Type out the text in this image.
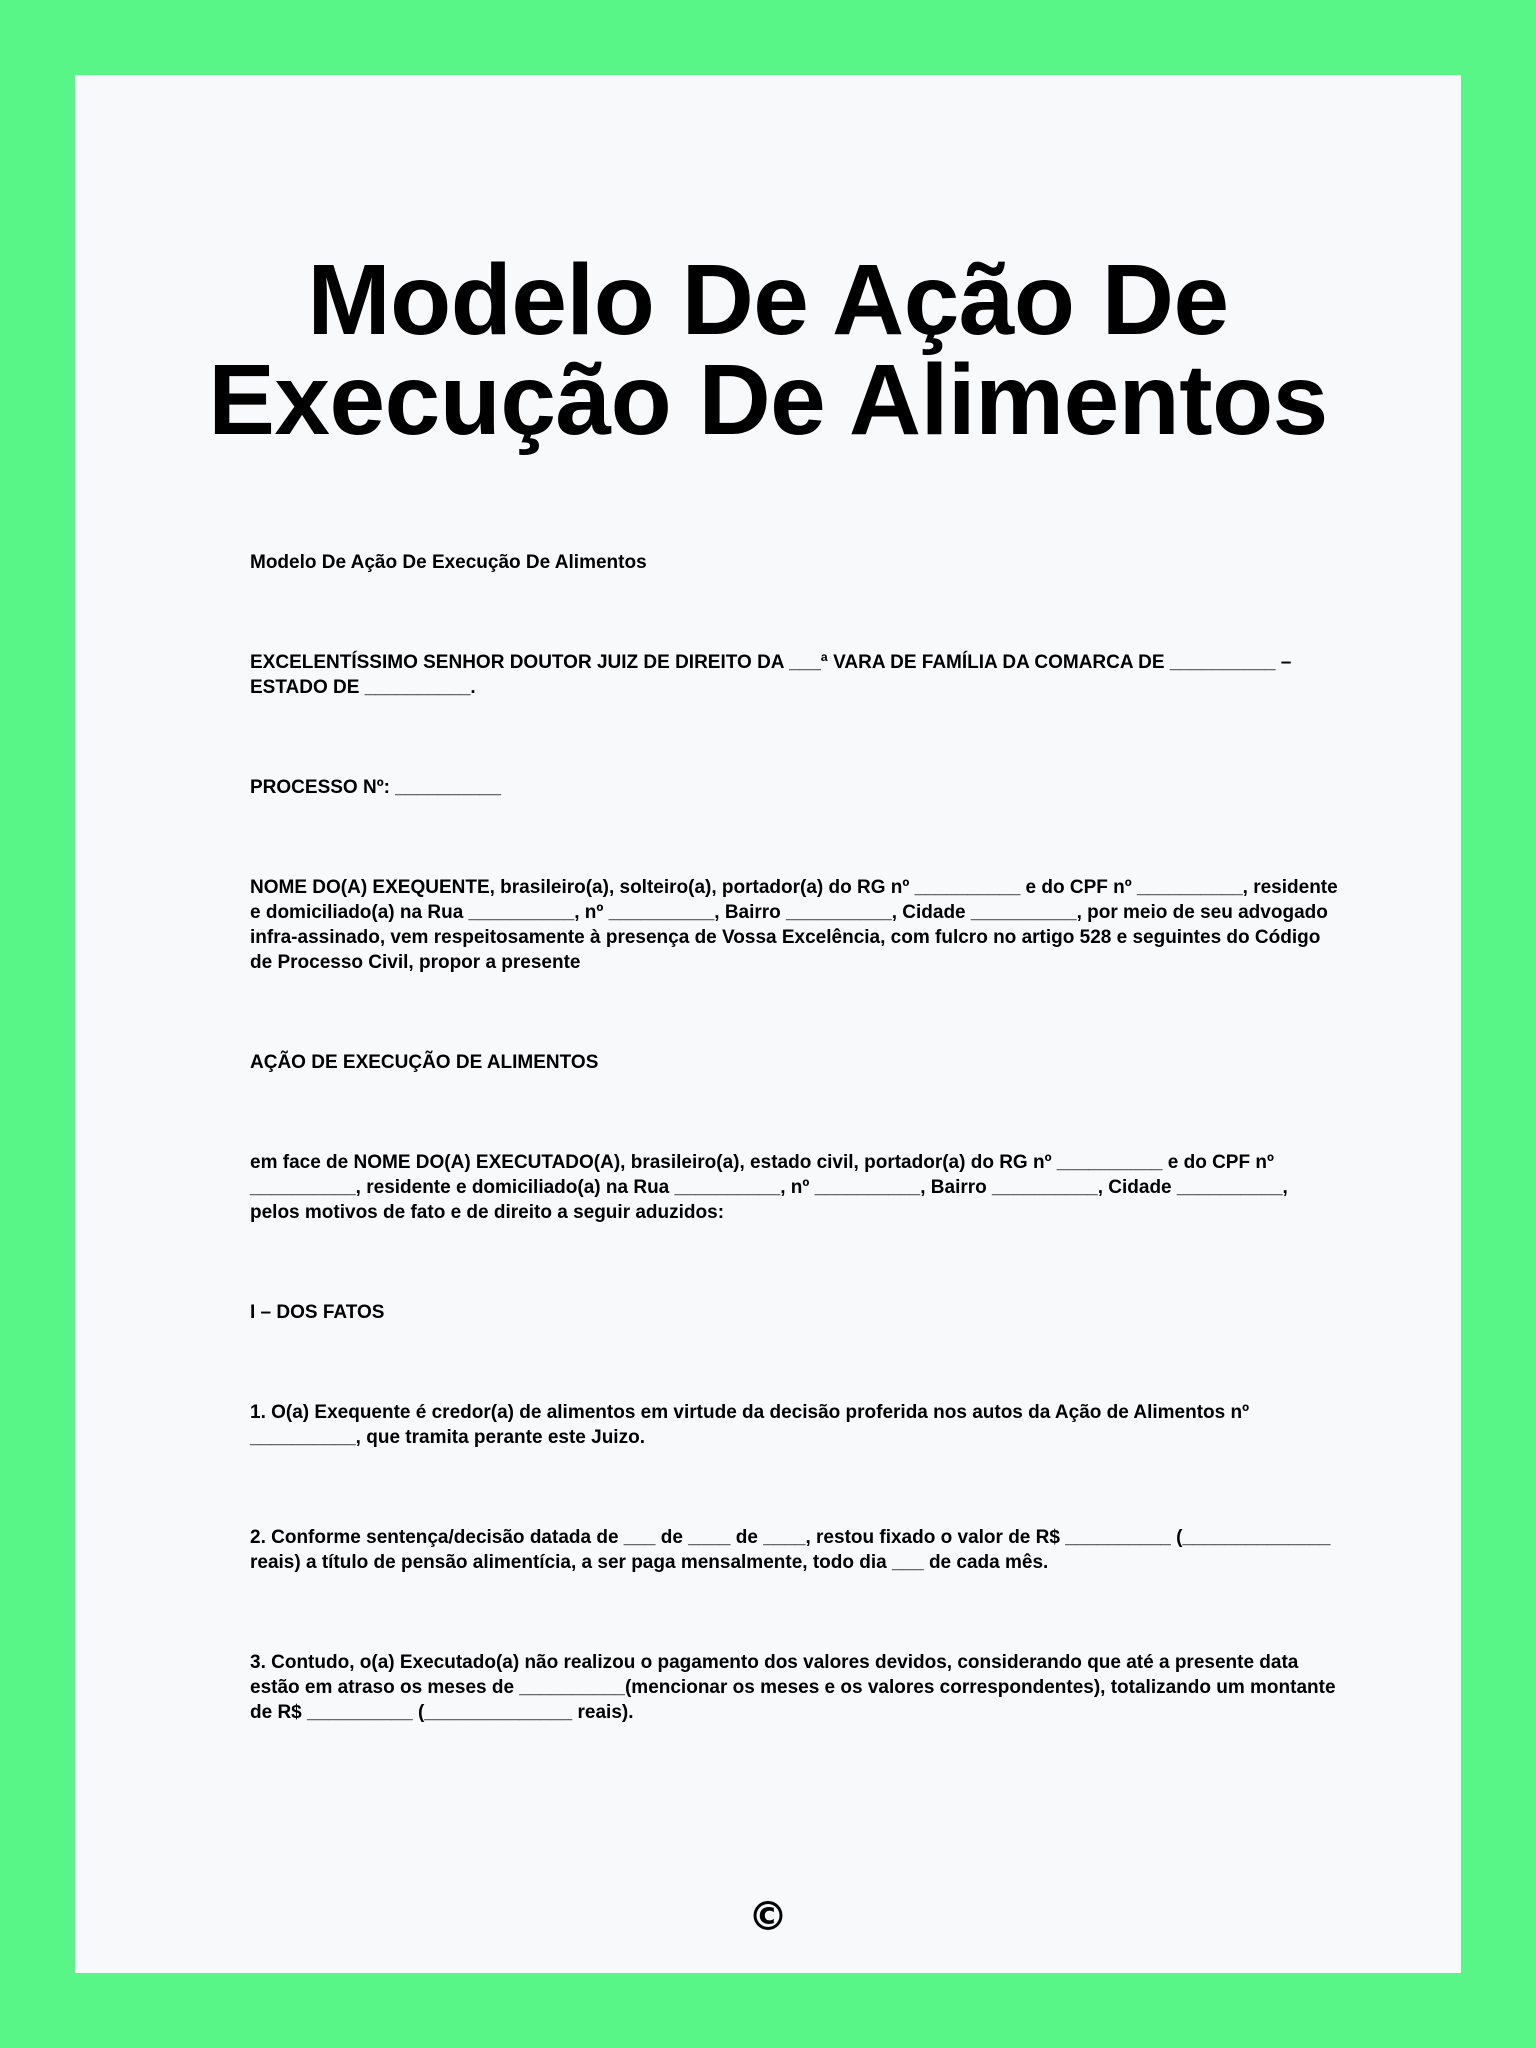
Modelo De Ação De
Execução De Alimentos

Modelo De Ação De Execução De Alimentos

EXCELENTÍSSIMO SENHOR DOUTOR JUIZ DE DIREITO DA ___ª VARA DE FAMÍLIA DA COMARCA DE __________ – ESTADO DE __________.

PROCESSO Nº: __________

NOME DO(A) EXEQUENTE, brasileiro(a), solteiro(a), portador(a) do RG nº __________ e do CPF nº __________, residente e domiciliado(a) na Rua __________, nº __________, Bairro __________, Cidade __________, por meio de seu advogado infra-assinado, vem respeitosamente à presença de Vossa Excelência, com fulcro no artigo 528 e seguintes do Código de Processo Civil, propor a presente

AÇÃO DE EXECUÇÃO DE ALIMENTOS

em face de NOME DO(A) EXECUTADO(A), brasileiro(a), estado civil, portador(a) do RG nº __________ e do CPF nº __________, residente e domiciliado(a) na Rua __________, nº __________, Bairro __________, Cidade __________, pelos motivos de fato e de direito a seguir aduzidos:

I – DOS FATOS

1. O(a) Exequente é credor(a) de alimentos em virtude da decisão proferida nos autos da Ação de Alimentos nº __________, que tramita perante este Juizo.

2. Conforme sentença/decisão datada de ___ de ____ de ____, restou fixado o valor de R$ __________ (______________ reais) a título de pensão alimentícia, a ser paga mensalmente, todo dia ___ de cada mês.

3. Contudo, o(a) Executado(a) não realizou o pagamento dos valores devidos, considerando que até a presente data estão em atraso os meses de __________(mencionar os meses e os valores correspondentes), totalizando um montante de R$ __________ (______________ reais).

©
